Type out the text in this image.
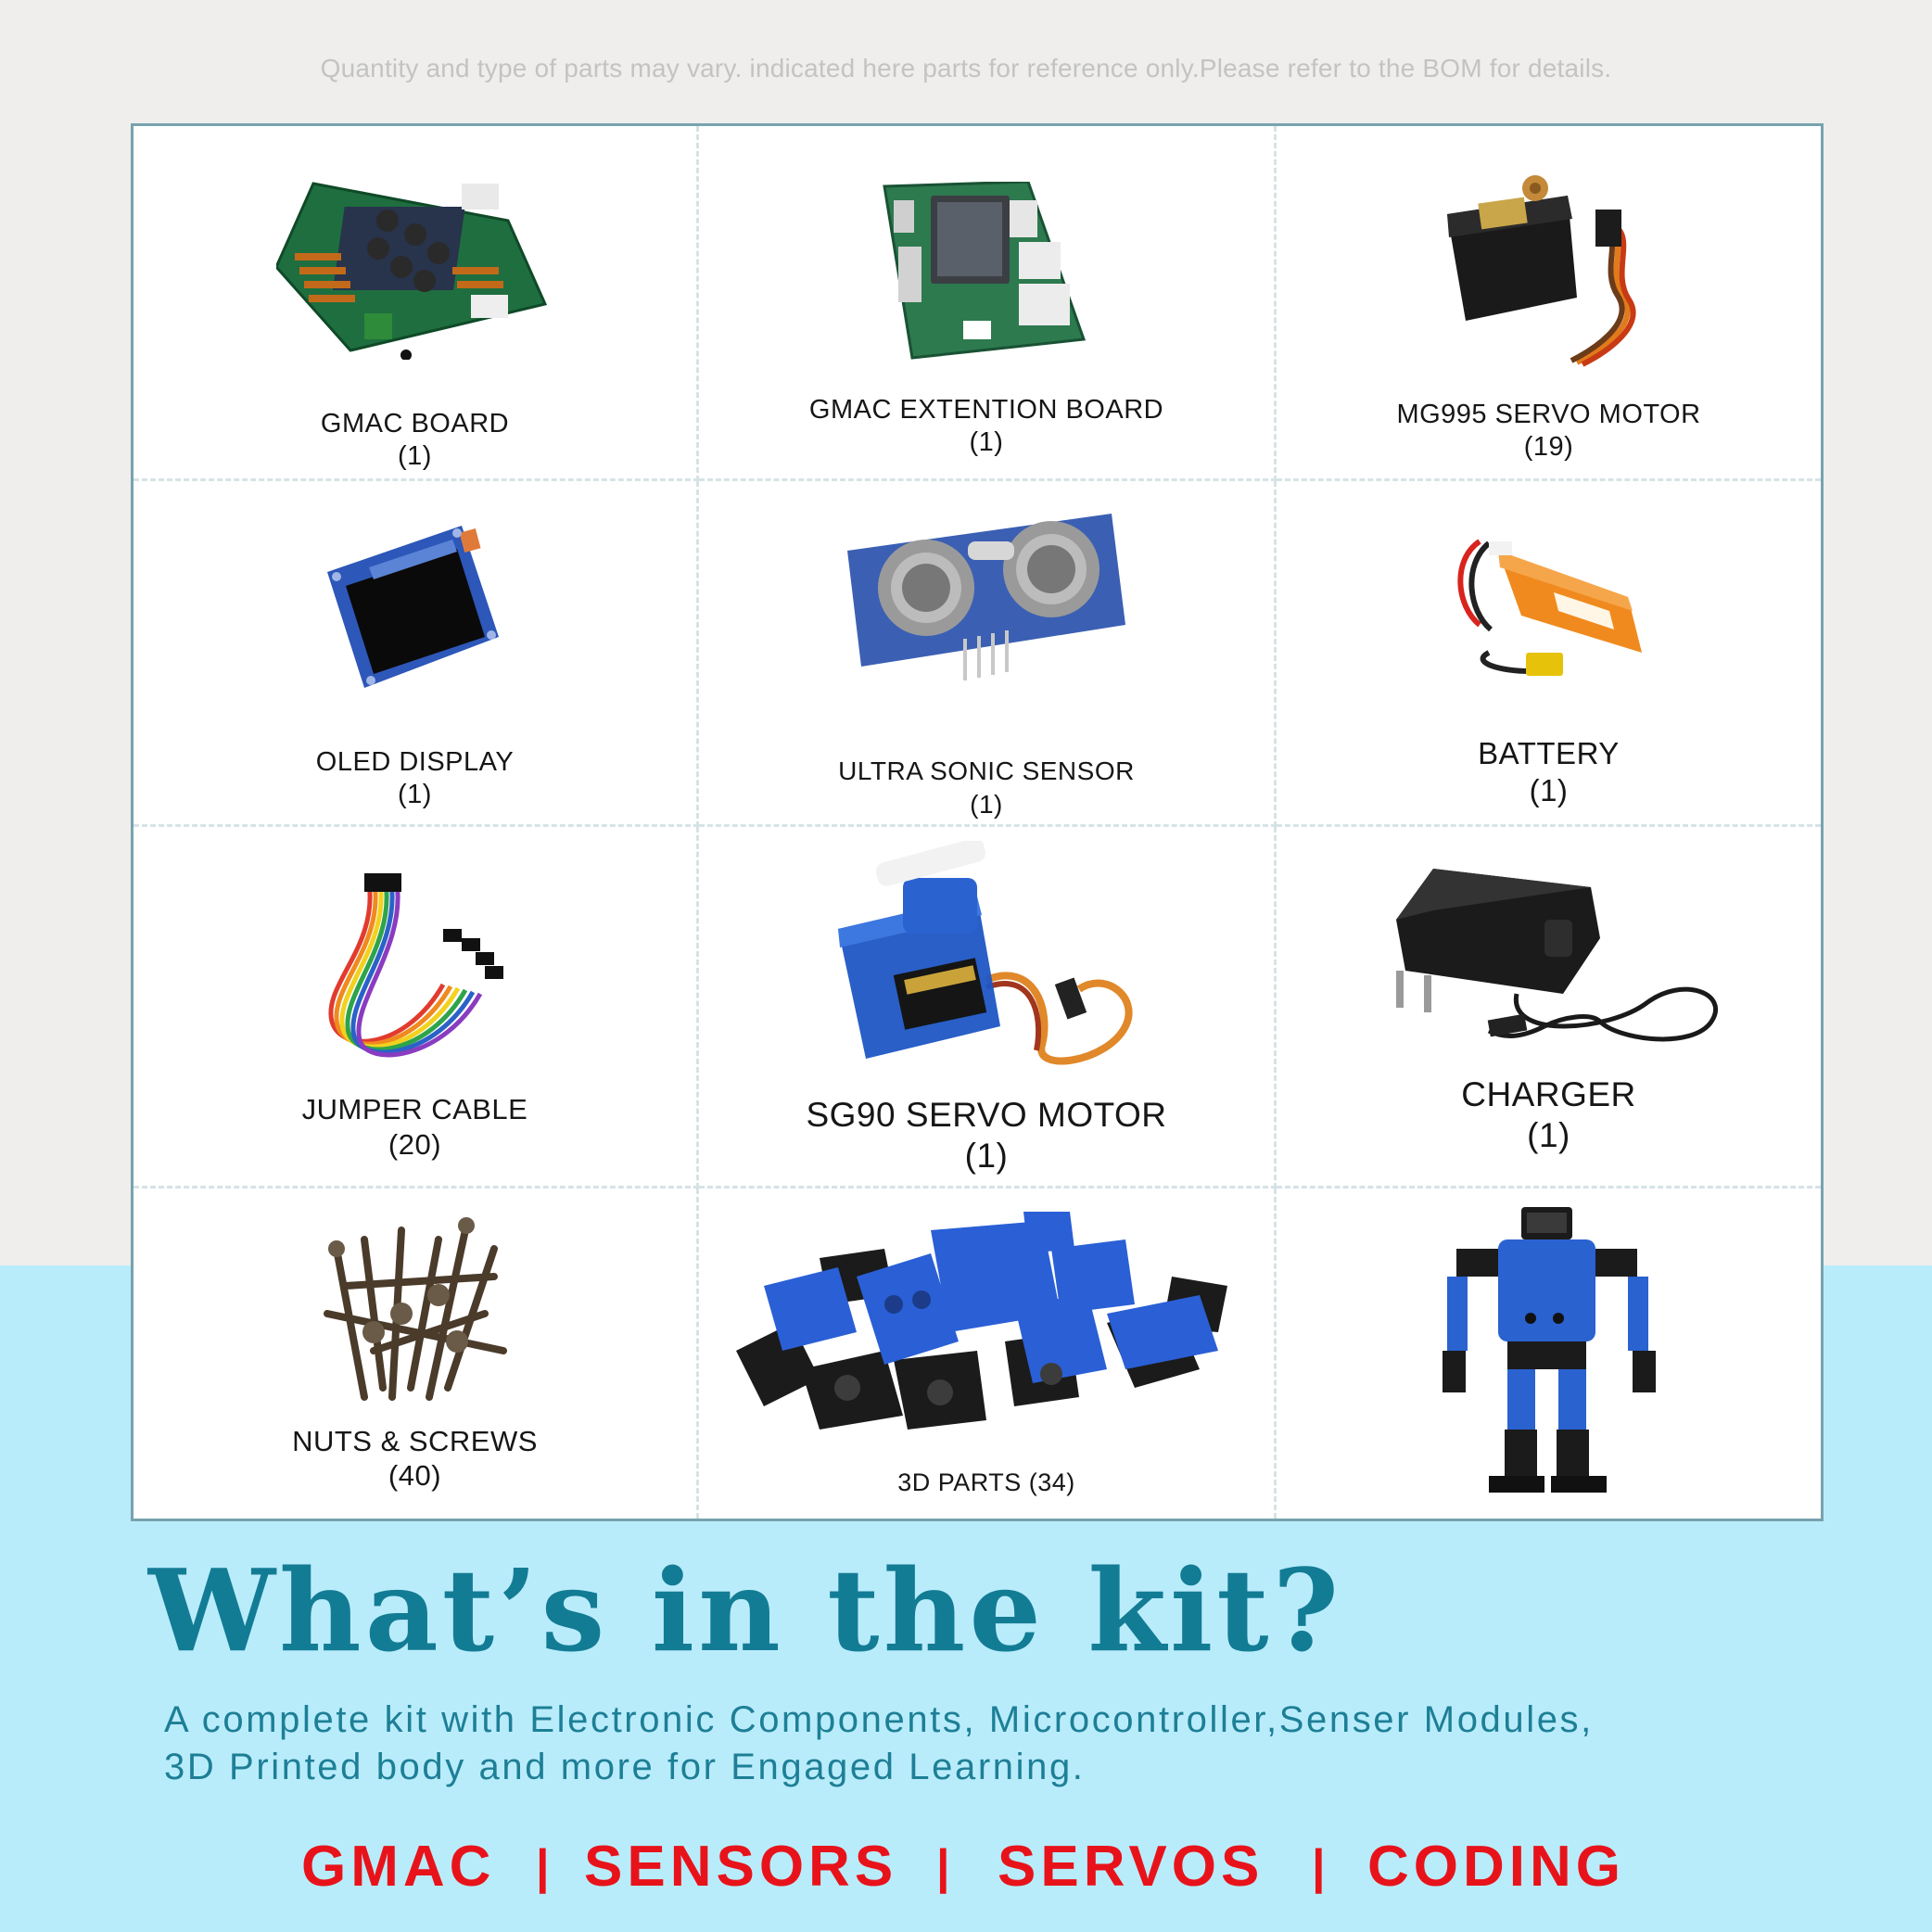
Quantity and type of parts may vary. indicated here parts for reference only.Please refer to the BOM for details.
GMAC BOARD
(1)
GMAC EXTENTION BOARD
(1)
MG995 SERVO MOTOR
(19)
OLED DISPLAY
(1)
ULTRA SONIC SENSOR
(1)
BATTERY
(1)
JUMPER CABLE
(20)
SG90 SERVO MOTOR
(1)
CHARGER
(1)
NUTS & SCREWS
(40)	3D PARTS (34)
What’s in the kit?
A complete kit with Electronic Components, Microcontroller,Senser Modules,
3D Printed body and more for Engaged Learning.
GMAC | SENSORS | SERVOS | CODING
